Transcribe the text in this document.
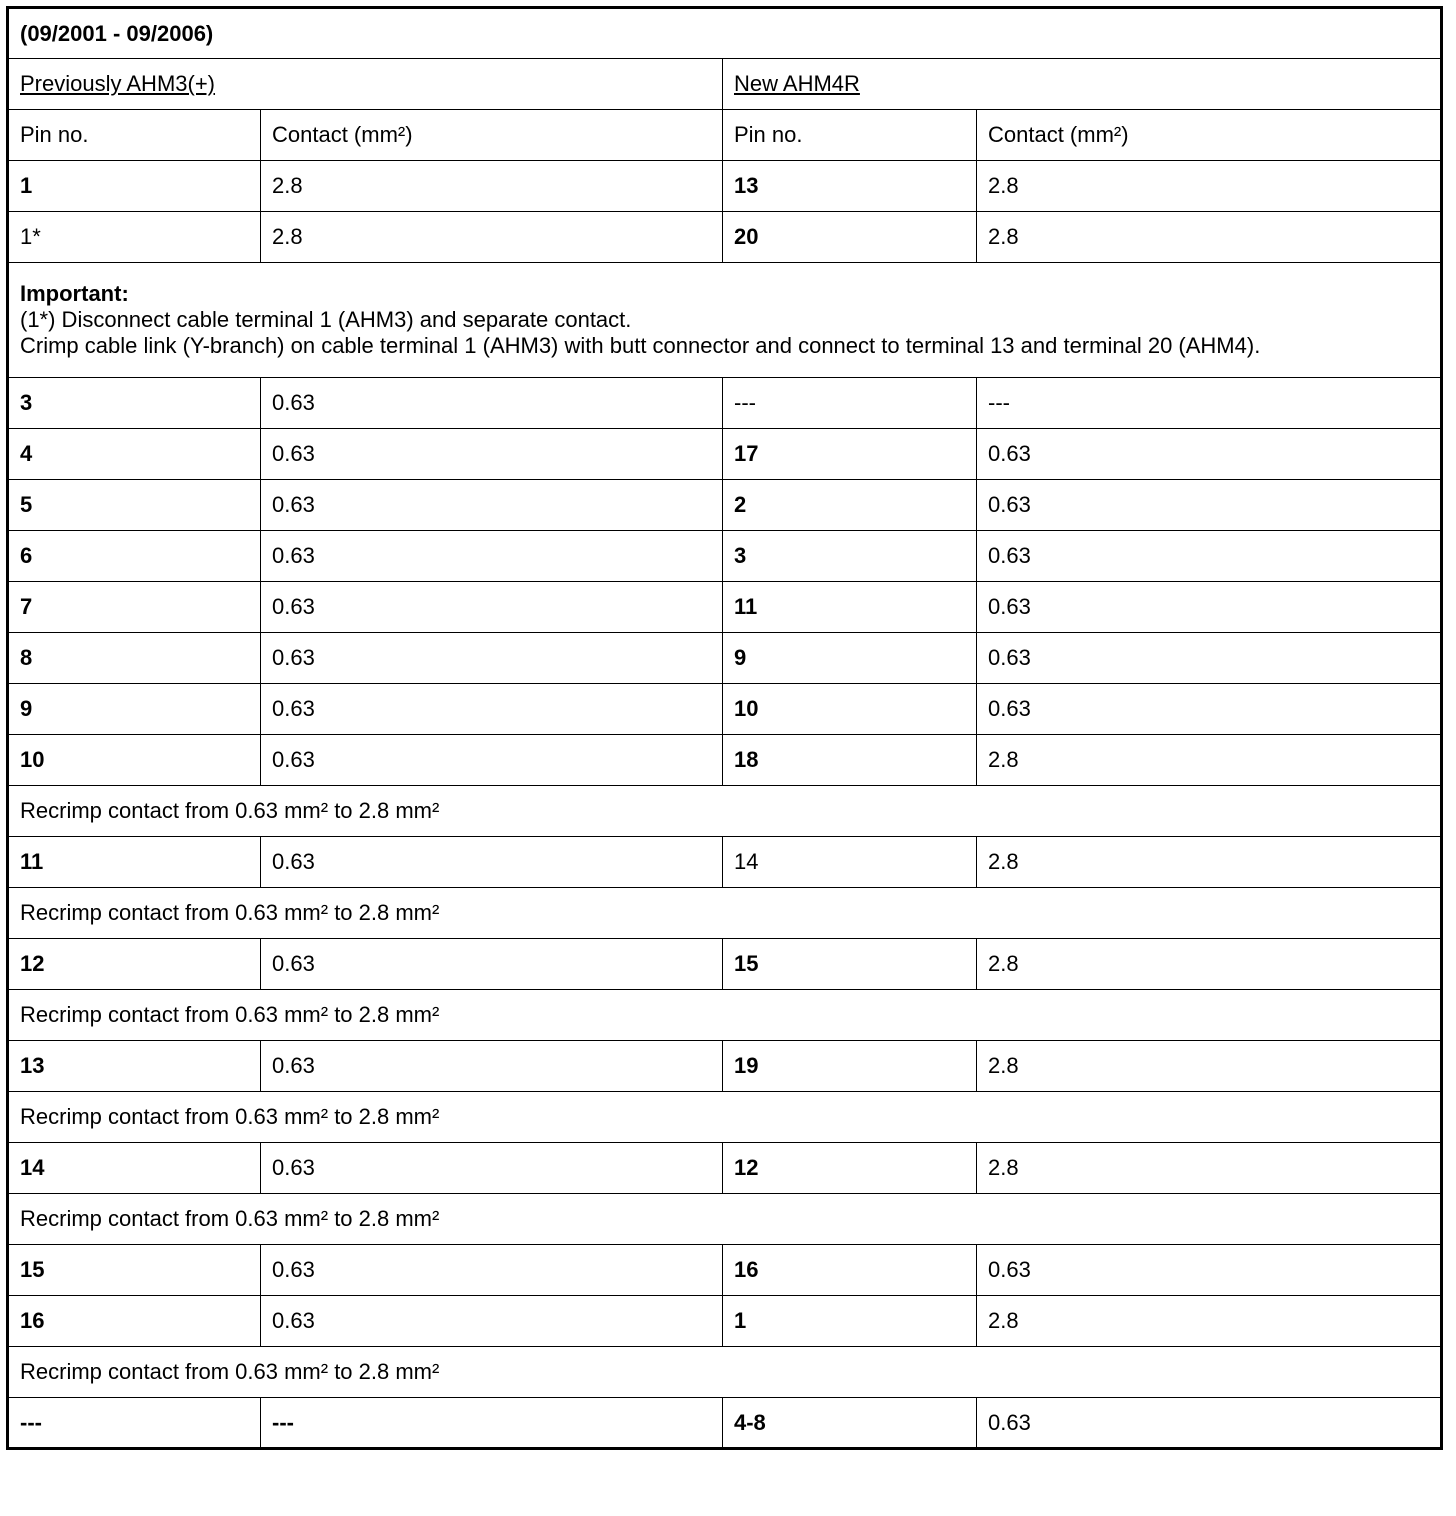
(09/2001 - 09/2006)			
Previously AHM3(+)		New AHM4R	
Pin no.	Contact (mm²)	Pin no.	Contact (mm²)
1	2.8	13	2.8
1*	2.8	20	2.8

Important:
(1*) Disconnect cable terminal 1 (AHM3) and separate contact.
Crimp cable link (Y-branch) on cable terminal 1 (AHM3) with butt connector and connect to terminal 13 and terminal 20 (AHM4).			

3	0.63	---	---
4	0.63	17	0.63
5	0.63	2	0.63
6	0.63	3	0.63
7	0.63	11	0.63
8	0.63	9	0.63
9	0.63	10	0.63
10	0.63	18	2.8
Recrimp contact from 0.63 mm² to 2.8 mm²			
11	0.63	14	2.8
Recrimp contact from 0.63 mm² to 2.8 mm²			
12	0.63	15	2.8
Recrimp contact from 0.63 mm² to 2.8 mm²			
13	0.63	19	2.8
Recrimp contact from 0.63 mm² to 2.8 mm²			
14	0.63	12	2.8
Recrimp contact from 0.63 mm² to 2.8 mm²			
15	0.63	16	0.63
16	0.63	1	2.8
Recrimp contact from 0.63 mm² to 2.8 mm²			
---	---	4-8	0.63
